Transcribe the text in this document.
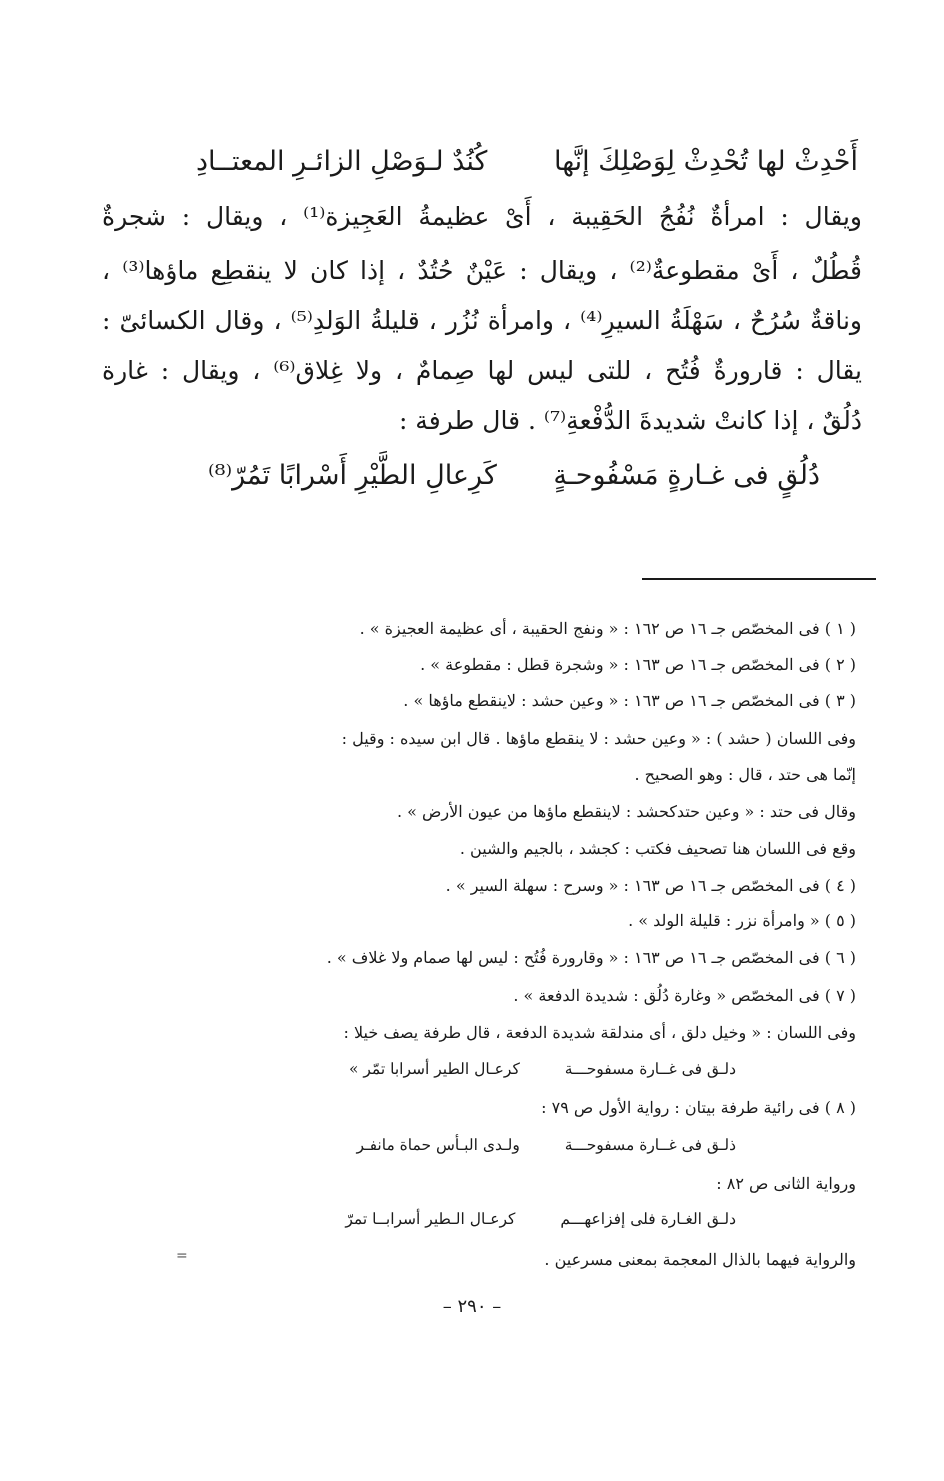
أَحْدِثْ لها تُحْدِثْ لِوَصْلِكَ إنَّها كُنُدٌ لـوَصْلِ الزائـرِ المعتــادِ
ويقال : امرأةٌ نُفُجُ الحَقِيبة ، أَىْ عظيمةُ العَجِيزة⁽¹⁾ ، ويقال : شجرةٌ
قُطُلٌ ، أَىْ مقطوعةٌ⁽²⁾ ، ويقال : عَيْنٌ حُتُدٌ ، إذا كان لا ينقطِع ماؤها⁽³⁾ ،
وناقةٌ سُرُحٌ ، سَهْلَةُ السيرِ⁽⁴⁾ ، وامرأة نُزُر ، قليلةُ الوَلدِ⁽⁵⁾ ، وقال الكسائىّ :
يقال : قارورةٌ فُتُح ، للتى ليس لها صِمامٌ ، ولا غِلاق⁽⁶⁾ ، ويقال : غارة
دُلُقٌ ، إذا كانتْ شديدةَ الدُّفْعةِ⁽⁷⁾ . قال طرفة :
دُلُقٍ فى غـارةٍ مَسْفُوحـةٍ كَرِعالِ الطَّيْرِ أَسْرابًا تَمُرّ⁽⁸⁾
( ١ ) فى المخصّص جـ ١٦ ص ١٦٢ : « ونفج الحقيبة ، أى عظيمة العجيزة » .
( ٢ ) فى المخصّص جـ ١٦ ص ١٦٣ : « وشجرة قطل : مقطوعة » .
( ٣ ) فى المخصّص جـ ١٦ ص ١٦٣ : « وعين حشد : لاينقطع ماؤها » .
وفى اللسان ( حشد ) : « وعين حشد : لا ينقطع ماؤها . قال ابن سيده : وقيل :
إنّما هى حتد ، قال : وهو الصحيح .
وقال فى حتد : « وعين حتدكحشد : لاينقطع ماؤها من عيون الأرض » .
وقع فى اللسان هنا تصحيف فكتب : كجشد ، بالجيم والشين .
( ٤ ) فى المخصّص جـ ١٦ ص ١٦٣ : « وسرح : سهلة السير » .
( ٥ ) « وامرأة نزر : قليلة الولد » .
( ٦ ) فى المخصّص جـ ١٦ ص ١٦٣ : « وقارورة فُتُح : ليس لها صمام ولا غلاف » .
( ٧ ) فى المخصّص « وغارة دُلُق : شديدة الدفعة » .
وفى اللسان : « وخيل دلق ، أى مندلقة شديدة الدفعة ، قال طرفة يصف خيلا :
دلـق فى غــارة مسفوحـــة كرعـال الطير أسرابا تمّر »
( ٨ ) فى رائية طرفة بيتان : رواية الأول ص ٧٩ :
ذلـق فى غــارة مسفوحـــة ولـدى البـأس حماة مانفـر
ورواية الثانى ص ٨٢ :
دلـق الغـارة فلى إفزاعهـــم كرعـال الـطير أسرابــا تمرّ
والرواية فيهما بالذال المعجمة بمعنى مسرعين .
=
– ٢٩٠ –
